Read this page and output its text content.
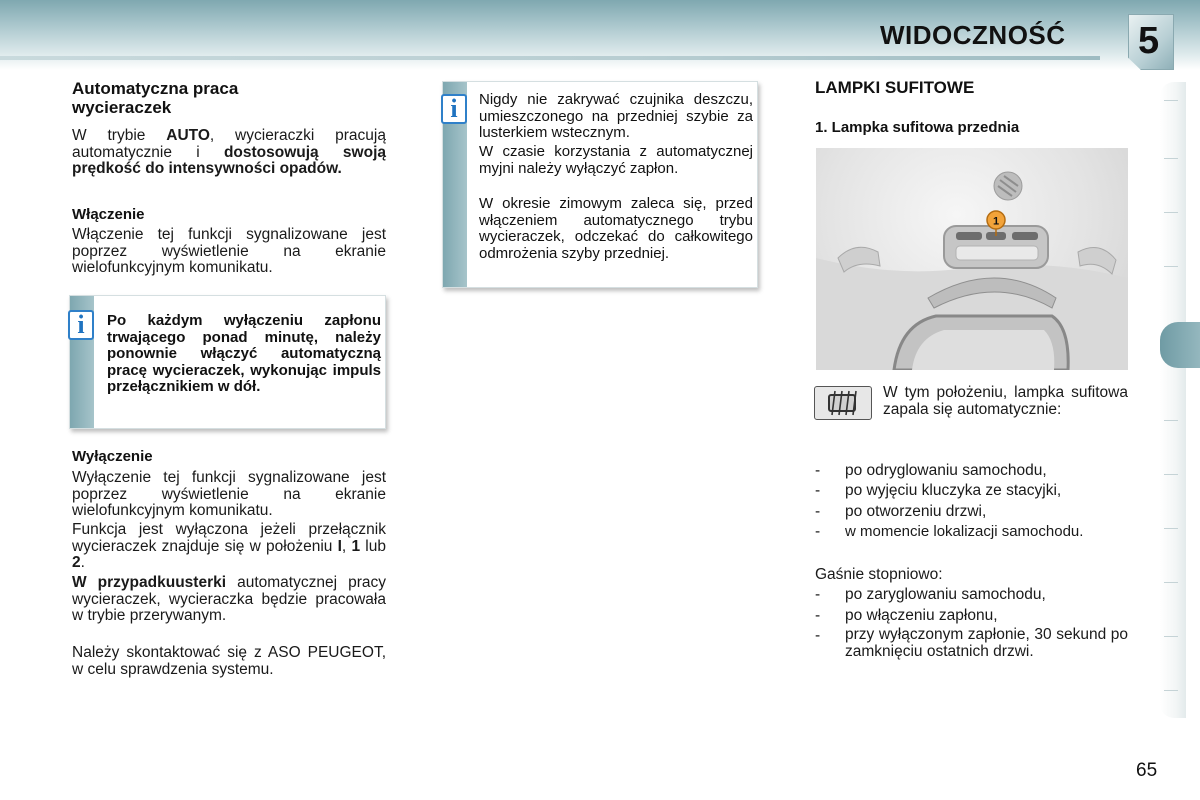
WIDOCZNOŚĆ 5
Automatyczna praca
wycieraczek
W trybie AUTO, wycieraczki pracują automatycznie i dostosowują swoją prędkość do intensywności opadów.
Włączenie
Włączenie tej funkcji sygnalizowane jest poprzez wyświetlenie na ekranie wielofunkcyjnym komunikatu.
i	Po każdym wyłączeniu zapłonu trwającego ponad minutę, należy ponownie włączyć automatyczną pracę wycieraczek, wykonując impuls przełącznikiem w dół.
Wyłączenie
Wyłączenie tej funkcji sygnalizowane jest poprzez wyświetlenie na ekranie wielofunkcyjnym komunikatu.
Funkcja jest wyłączona jeżeli przełącznik wycieraczek znajduje się w położeniu I, 1 lub 2.
W przypadkuusterki automatycznej pracy wycieraczek, wycieraczka będzie pracowała w trybie przerywanym.
Należy skontaktować się z ASO PEUGEOT, w celu sprawdzenia systemu.
i	Nigdy nie zakrywać czujnika deszczu, umieszczonego na przedniej szybie za lusterkiem wstecznym.
W czasie korzystania z automatycznej myjni należy wyłączyć zapłon.
W okresie zimowym zaleca się, przed włączeniem automatycznego trybu wycieraczek, odczekać do całkowitego odmrożenia szyby przedniej.
LAMPKI SUFITOWE
1. Lampka sufitowa przednia
1
W tym położeniu, lampka sufitowa zapala się automatycznie:
- po odryglowaniu samochodu,
- po wyjęciu kluczyka ze stacyjki,
- po otworzeniu drzwi,
- w momencie lokalizacji samochodu.
Gaśnie stopniowo:
- po zaryglowaniu samochodu,
- po włączeniu zapłonu,
- przy wyłączonym zapłonie, 30 sekund po zamknięciu ostatnich drzwi.
65
